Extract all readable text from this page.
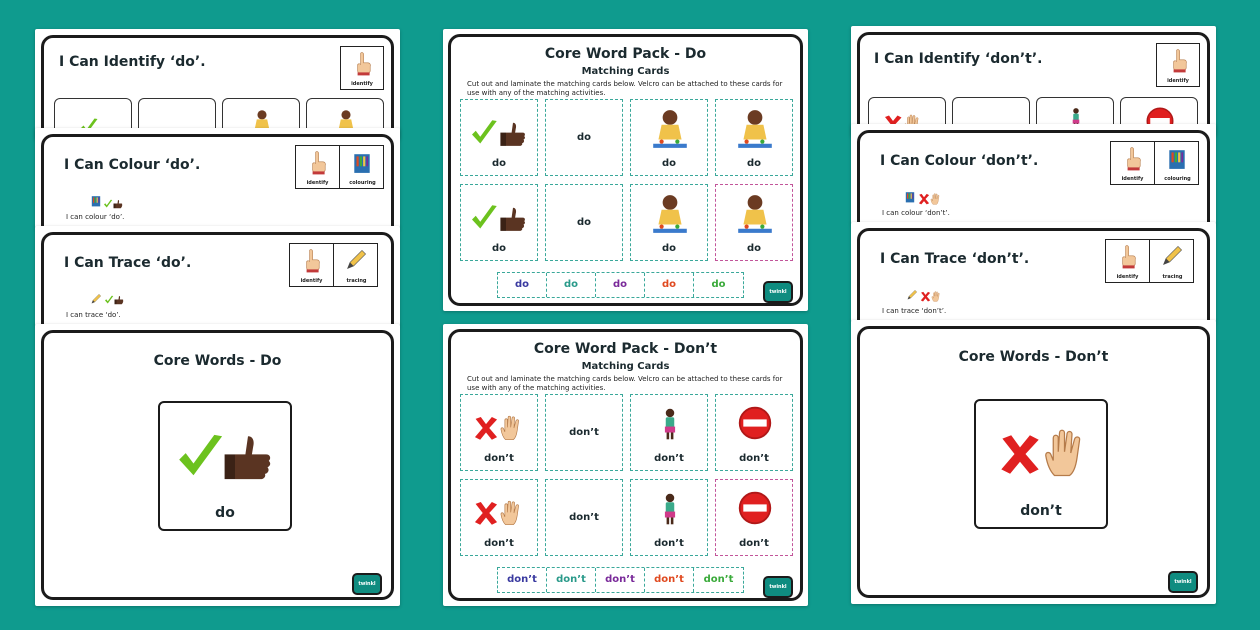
I Can Identify ‘do’.
identify
I Can Colour ‘do’.
identify	colouring
I can colour ‘do’.
I Can Trace ‘do’.
identify	tracing
I can trace ‘do’.
Core Words - Do
do
twinkl
Core Word Pack - Do
Matching Cards
Cut out and laminate the matching cards below. Velcro can be attached to these cards for use with any of the matching activities.
do
do
do	do
do
do
do	do
do	do	do	do	do
twinkl
Core Word Pack - Don’t
Matching Cards
Cut out and laminate the matching cards below. Velcro can be attached to these cards for use with any of the matching activities.
don’t
don’t
don’t	don’t
don’t
don’t
don’t	don’t
don’t	don’t	don’t	don’t	don’t
twinkl
I Can Identify ‘don’t’.
identify
I Can Colour ‘don’t’.
identify	colouring
I can colour ‘don’t’.
I Can Trace ‘don’t’.
identify	tracing
I can trace ‘don’t’.
Core Words - Don’t
don’t
twinkl
